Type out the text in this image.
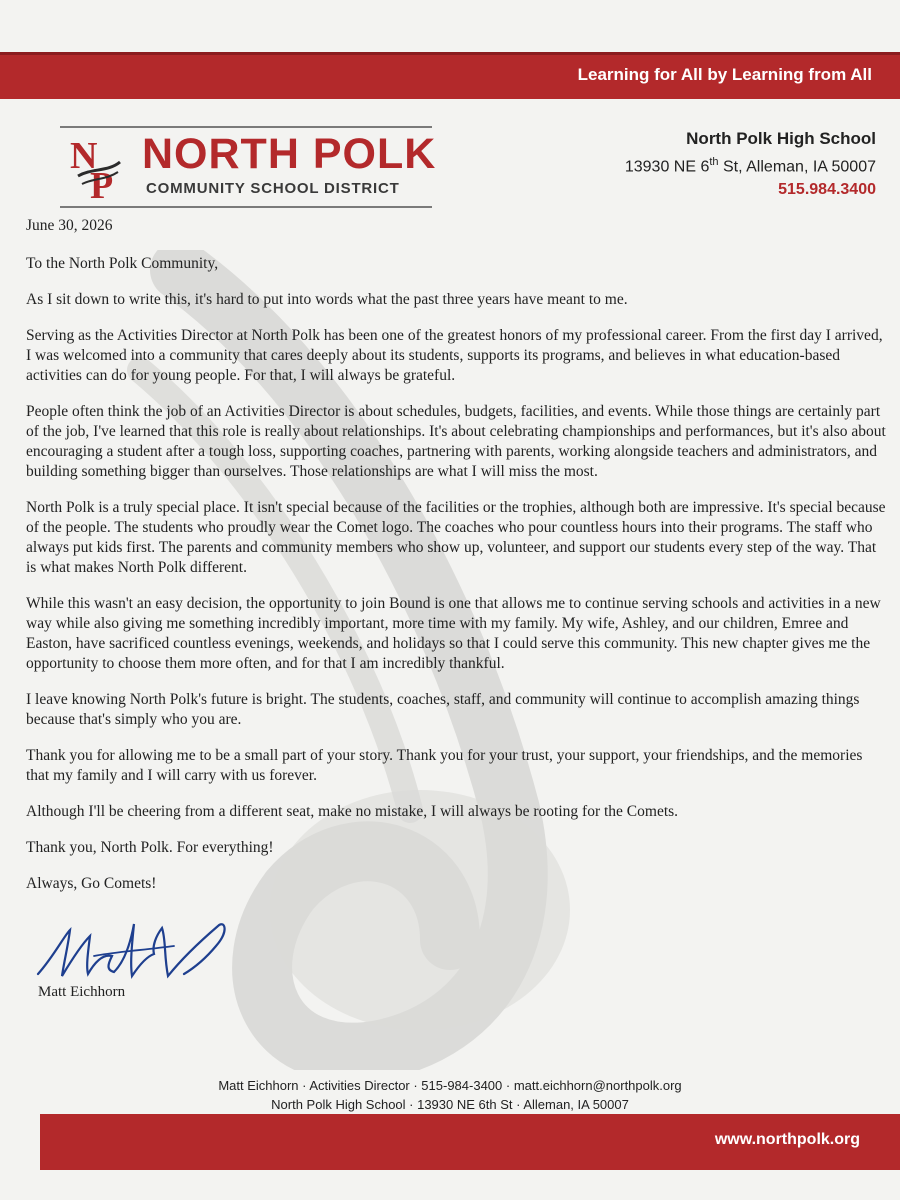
Learning for All by Learning from All
N
P
NORTH POLK
COMMUNITY SCHOOL DISTRICT
North Polk High School
13930 NE 6th St, Alleman, IA 50007
515.984.3400

June 30, 2026

To the North Polk Community,

As I sit down to write this, it's hard to put into words what the past three years have meant to me.

Serving as the Activities Director at North Polk has been one of the greatest honors of my professional career. From the first day I arrived, I was welcomed into a community that cares deeply about its students, supports its programs, and believes in what education-based activities can do for young people. For that, I will always be grateful.

People often think the job of an Activities Director is about schedules, budgets, facilities, and events. While those things are certainly part of the job, I've learned that this role is really about relationships. It's about celebrating championships and performances, but it's also about encouraging a student after a tough loss, supporting coaches, partnering with parents, working alongside teachers and administrators, and building something bigger than ourselves. Those relationships are what I will miss the most.

North Polk is a truly special place. It isn't special because of the facilities or the trophies, although both are impressive. It's special because of the people. The students who proudly wear the Comet logo. The coaches who pour countless hours into their programs. The staff who always put kids first. The parents and community members who show up, volunteer, and support our students every step of the way. That is what makes North Polk different.

While this wasn't an easy decision, the opportunity to join Bound is one that allows me to continue serving schools and activities in a new way while also giving me something incredibly important, more time with my family. My wife, Ashley, and our children, Emree and Easton, have sacrificed countless evenings, weekends, and holidays so that I could serve this community. This new chapter gives me the opportunity to choose them more often, and for that I am incredibly thankful.

I leave knowing North Polk's future is bright. The students, coaches, staff, and community will continue to accomplish amazing things because that's simply who you are.

Thank you for allowing me to be a small part of your story. Thank you for your trust, your support, your friendships, and the memories that my family and I will carry with us forever.

Although I'll be cheering from a different seat, make no mistake, I will always be rooting for the Comets.

Thank you, North Polk. For everything!

Always, Go Comets!

Matt Eichhorn
Matt Eichhorn · Activities Director · 515-984-3400 · matt.eichhorn@northpolk.org
North Polk High School · 13930 NE 6th St · Alleman, IA 50007
www.northpolk.org
